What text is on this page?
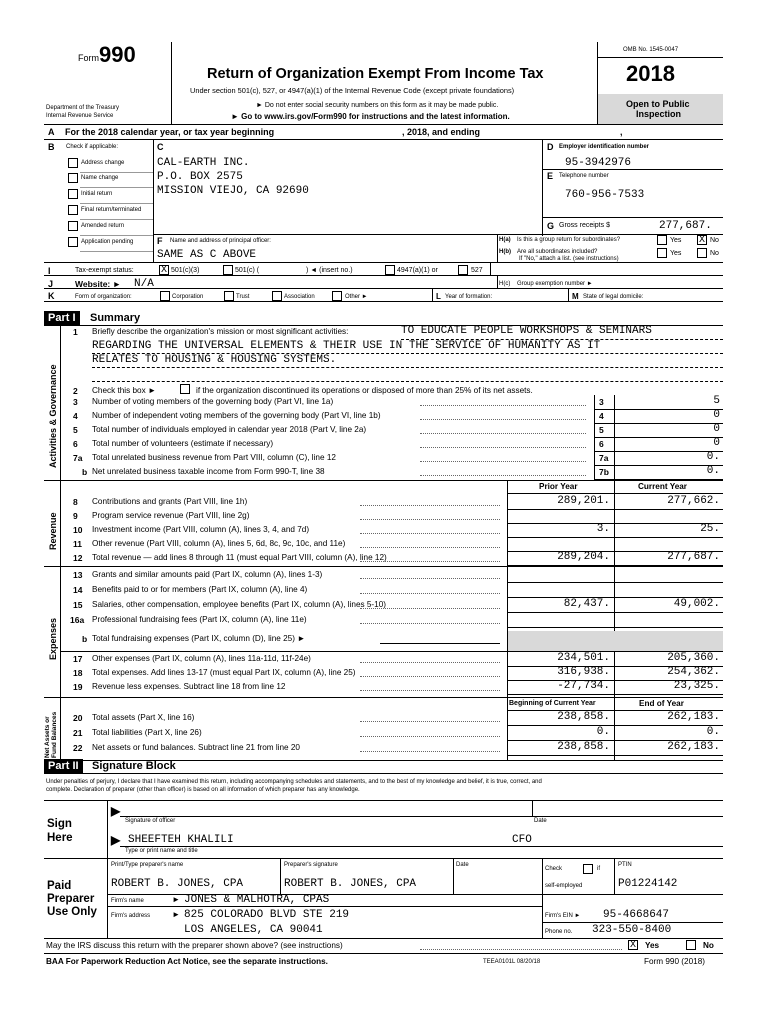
Form 990
Department of the Treasury
Internal Revenue Service
Return of Organization Exempt From Income Tax
Under section 501(c), 527, or 4947(a)(1) of the Internal Revenue Code (except private foundations)
► Do not enter social security numbers on this form as it may be made public.
► Go to www.irs.gov/Form990 for instructions and the latest information.
OMB No. 1545-0047
2018
Open to Public
Inspection
A For the 2018 calendar year, or tax year beginning	, 2018, and ending	,
B Check if applicable:
Address change
Name change
Initial return
Final return/terminated
Amended return
Application pending
C
CAL-EARTH INC.
P.O. BOX 2575
MISSION VIEJO, CA 92690
D Employer identification number
95-3942976
E Telephone number
760-956-7533
G Gross receipts $	277,687.
F Name and address of principal officer:
SAME AS C ABOVE
H(a) Is this a group return for subordinates?	Yes X No
H(b) Are all subordinates included?
If "No," attach a list. (see instructions)
Yes	No
I	Tax-exempt status:	X 501(c)(3)	501(c) (	) ◄ (insert no.)	4947(a)(1) or	527
J	Website: ► N/A	H(c) Group exemption number ►
K	Form of organization:	Corporation	Trust	Association	Other ►	L Year of formation:	M State of legal domicile:
Part I	Summary
Activities & Governance
Revenue
Expenses
Net Assets or Fund Balances
1 Briefly describe the organization's mission or most significant activities:	TO EDUCATE PEOPLE WORKSHOPS & SEMINARS
REGARDING THE UNIVERSAL ELEMENTS & THEIR USE IN THE SERVICE OF HUMANITY AS IT
RELATES TO HOUSING & HOUSING SYSTEMS.
2 Check this box ►	if the organization discontinued its operations or disposed of more than 25% of its net assets.
3 Number of voting members of the governing body (Part VI, line 1a)	3	5
4 Number of independent voting members of the governing body (Part VI, line 1b)	4	0
5 Total number of individuals employed in calendar year 2018 (Part V, line 2a)	5	0
6 Total number of volunteers (estimate if necessary)	6	0
7a Total unrelated business revenue from Part VIII, column (C), line 12	7a	0.
b Net unrelated business taxable income from Form 990-T, line 38	7b	0.
Prior Year	Current Year
8 Contributions and grants (Part VIII, line 1h)	289,201.	277,662.
9 Program service revenue (Part VIII, line 2g)
10 Investment income (Part VIII, column (A), lines 3, 4, and 7d)	3.	25.
11 Other revenue (Part VIII, column (A), lines 5, 6d, 8c, 9c, 10c, and 11e)
12 Total revenue — add lines 8 through 11 (must equal Part VIII, column (A), line 12)	289,204.	277,687.
13 Grants and similar amounts paid (Part IX, column (A), lines 1-3)
14 Benefits paid to or for members (Part IX, column (A), line 4)
15 Salaries, other compensation, employee benefits (Part IX, column (A), lines 5-10)	82,437.	49,002.
16a Professional fundraising fees (Part IX, column (A), line 11e)
b Total fundraising expenses (Part IX, column (D), line 25) ►
17 Other expenses (Part IX, column (A), lines 11a-11d, 11f-24e)	234,501.	205,360.
18 Total expenses. Add lines 13-17 (must equal Part IX, column (A), line 25)	316,938.	254,362.
19 Revenue less expenses. Subtract line 18 from line 12	-27,734.	23,325.
Beginning of Current Year	End of Year
20 Total assets (Part X, line 16)	238,858.	262,183.
21 Total liabilities (Part X, line 26)	0.	0.
22 Net assets or fund balances. Subtract line 21 from line 20	238,858.	262,183.
Part II	Signature Block
Under penalties of perjury, I declare that I have examined this return, including accompanying schedules and statements, and to the best of my knowledge and belief, it is true, correct, and
complete. Declaration of preparer (other than officer) is based on all information of which preparer has any knowledge.
Sign
Here
▶
Signature of officer	Date
▶ SHEEFTEH KHALILI	CFO
Type or print name and title
Paid
Preparer
Use Only
Print/Type preparer's name	Preparer's signature	Date
Check	if
self-employed
PTIN
ROBERT B. JONES, CPA	ROBERT B. JONES, CPA	P01224142
Firm's name	► JONES & MALHOTRA, CPAS
Firm's address	► 825 COLORADO BLVD STE 219
LOS ANGELES, CA 90041
Firm's EIN ► 95-4668647
Phone no. 323-550-8400
May the IRS discuss this return with the preparer shown above? (see instructions)	X Yes	No
BAA For Paperwork Reduction Act Notice, see the separate instructions.	TEEA0101L 08/20/18	Form 990 (2018)
